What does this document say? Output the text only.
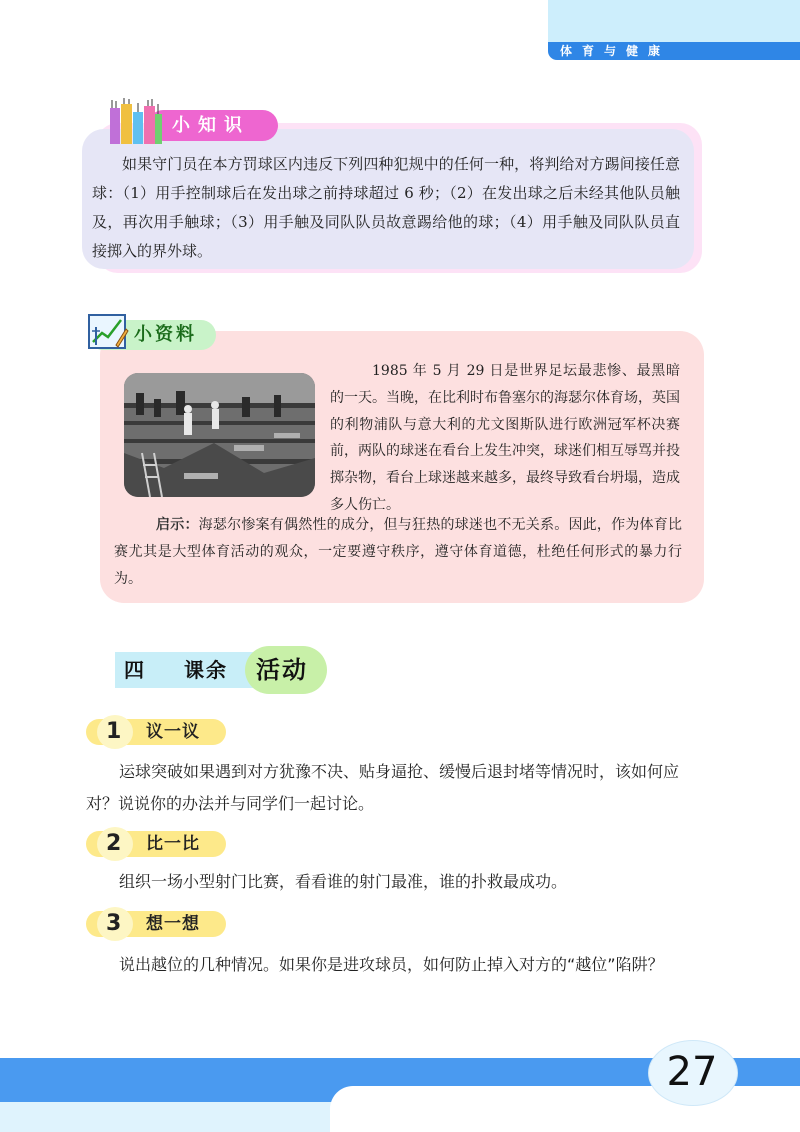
体育与健康
小知识
如果守门员在本方罚球区内违反下列四种犯规中的任何一种，将判给对方踢间接任意球：（1）用手控制球后在发出球之前持球超过 6 秒；（2）在发出球之后未经其他队员触及，再次用手触球；（3）用手触及同队队员故意踢给他的球；（4）用手触及同队队员直接掷入的界外球。
小资料
1985 年 5 月 29 日是世界足坛最悲惨、最黑暗的一天。当晚，在比利时布鲁塞尔的海瑟尔体育场，英国的利物浦队与意大利的尤文图斯队进行欧洲冠军杯决赛前，两队的球迷在看台上发生冲突，球迷们相互辱骂并投掷杂物，看台上球迷越来越多，最终导致看台坍塌，造成多人伤亡。
启示：海瑟尔惨案有偶然性的成分，但与狂热的球迷也不无关系。因此，作为体育比赛尤其是大型体育活动的观众，一定要遵守秩序，遵守体育道德，杜绝任何形式的暴力行为。
四 课余 活动
1 议一议
运球突破如果遇到对方犹豫不决、贴身逼抢、缓慢后退封堵等情况时，该如何应对？说说你的办法并与同学们一起讨论。
2 比一比
组织一场小型射门比赛，看看谁的射门最准，谁的扑救最成功。
3 想一想
说出越位的几种情况。如果你是进攻球员，如何防止掉入对方的“越位”陷阱？
27
